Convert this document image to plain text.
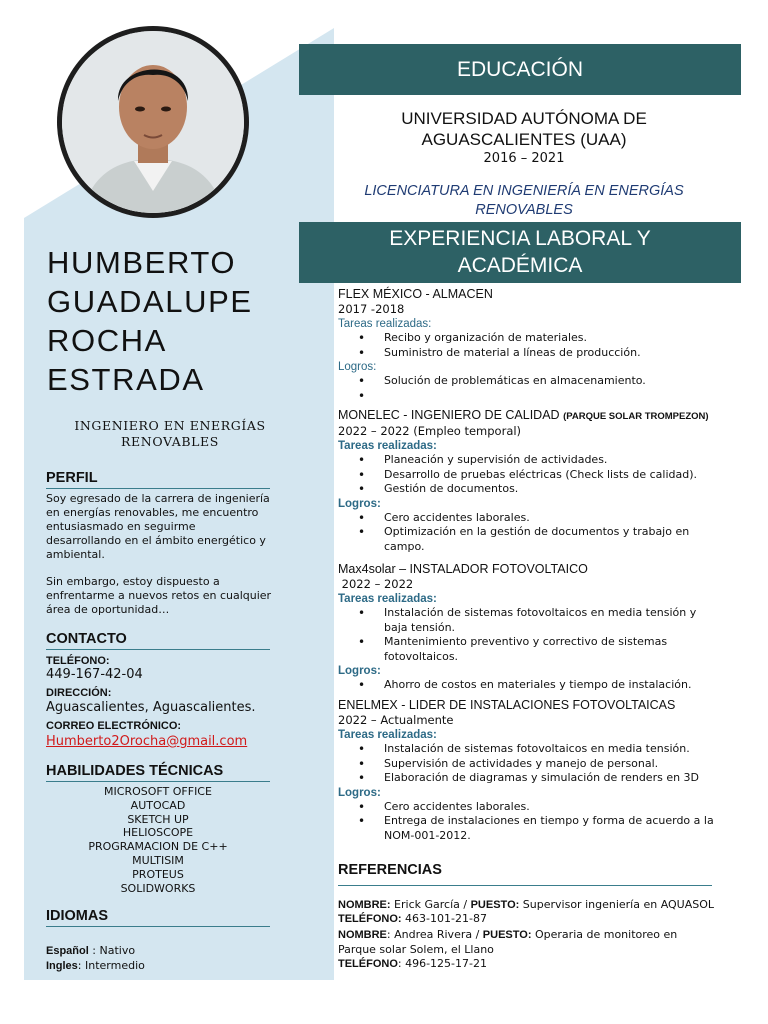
HUMBERTO
GUADALUPE
ROCHA
ESTRADA
INGENIERO EN ENERGÍAS
RENOVABLES
PERFIL
Soy egresado de la carrera de ingeniería en energías renovables, me encuentro entusiasmado en seguirme desarrollando en el ámbito energético y ambiental.
Sin embargo, estoy dispuesto a enfrentarme a nuevos retos en cualquier área de oportunidad…
CONTACTO
TELÉFONO:
449-167-42-04
DIRECCIÓN:
Aguascalientes, Aguascalientes.
CORREO ELECTRÓNICO:
Humberto2Orocha@gmail.com
HABILIDADES TÉCNICAS
MICROSOFT OFFICE
AUTOCAD
SKETCH UP
HELIOSCOPE
PROGRAMACION DE C++
MULTISIM
PROTEUS
SOLIDWORKS
IDIOMAS
Español : Nativo
Ingles: Intermedio
EDUCACIÓN
UNIVERSIDAD AUTÓNOMA DE
AGUASCALIENTES (UAA)
2016 – 2021
LICENCIATURA EN INGENIERÍA EN ENERGÍAS
RENOVABLES
EXPERIENCIA LABORAL Y
ACADÉMICA
FLEX MÉXICO - ALMACEN
2017 -2018
Tareas realizadas:
• Recibo y organización de materiales.
• Suministro de material a líneas de producción.
Logros:
• Solución de problemáticas en almacenamiento.
•
MONELEC - INGENIERO DE CALIDAD (PARQUE SOLAR TROMPEZON)
2022 – 2022 (Empleo temporal)
Tareas realizadas:
• Planeación y supervisión de actividades.
• Desarrollo de pruebas eléctricas (Check lists de calidad).
• Gestión de documentos.
Logros:
• Cero accidentes laborales.
• Optimización en la gestión de documentos y trabajo en campo.
Max4solar – INSTALADOR FOTOVOLTAICO
2022 – 2022
Tareas realizadas:
• Instalación de sistemas fotovoltaicos en media tensión y baja tensión.
• Mantenimiento preventivo y correctivo de sistemas fotovoltaicos.
Logros:
• Ahorro de costos en materiales y tiempo de instalación.
ENELMEX - LIDER DE INSTALACIONES FOTOVOLTAICAS
2022 – Actualmente
Tareas realizadas:
• Instalación de sistemas fotovoltaicos en media tensión.
• Supervisión de actividades y manejo de personal.
• Elaboración de diagramas y simulación de renders en 3D
Logros:
• Cero accidentes laborales.
• Entrega de instalaciones en tiempo y forma de acuerdo a la NOM-001-2012.
REFERENCIAS
NOMBRE: Erick García / PUESTO: Supervisor ingeniería en AQUASOL
TELÉFONO: 463-101-21-87
NOMBRE: Andrea Rivera / PUESTO: Operaria de monitoreo en Parque solar Solem, el Llano
TELÉFONO: 496-125-17-21
